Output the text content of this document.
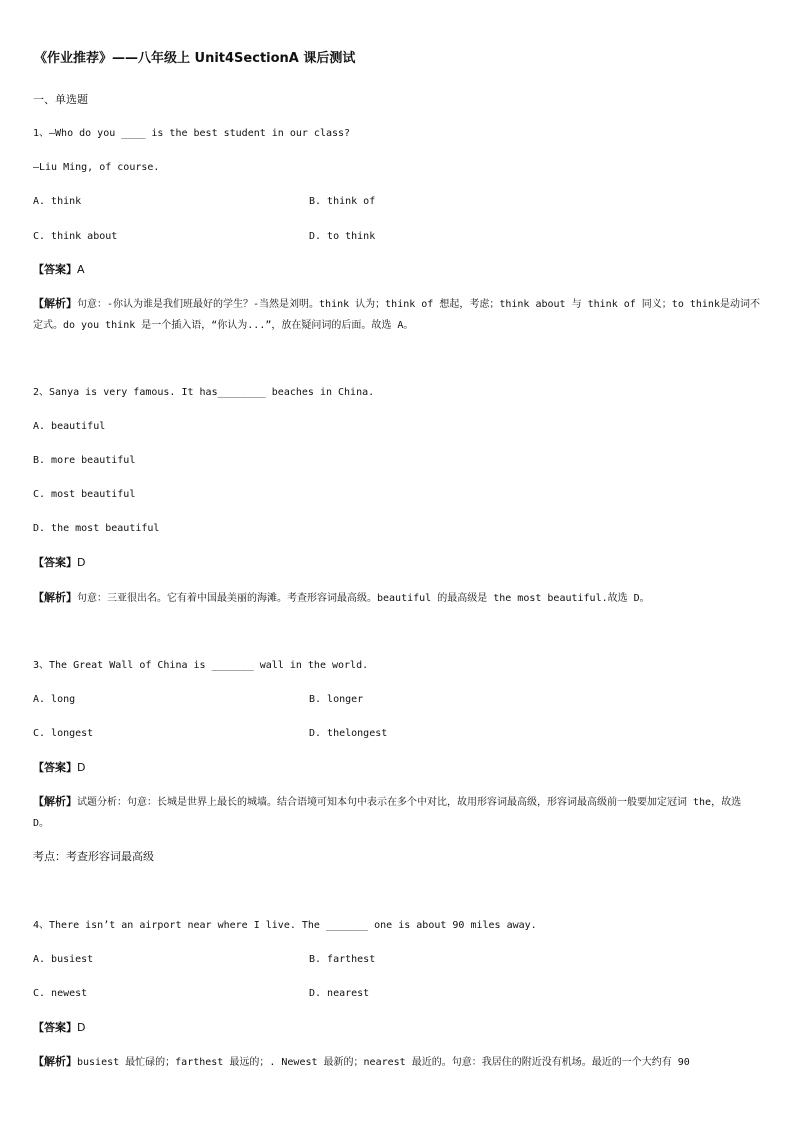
《作业推荐》——八年级上 Unit4SectionA 课后测试
一、单选题
1、—Who do you ____ is the best student in our class?
—Liu Ming, of course.
A. think	B. think of
C. think about	D. to think
【答案】A
【解析】句意：-你认为谁是我们班最好的学生？-当然是刘明。think 认为；think of 想起，考虑；think about 与 think of 同义；to think是动词不定式。do you think 是一个插入语，“你认为...”，放在疑问词的后面。故选 A。
2、Sanya is very famous. It has________ beaches in China.
A. beautiful
B. more beautiful
C. most beautiful
D. the most beautiful
【答案】D
【解析】句意：三亚很出名。它有着中国最美丽的海滩。考查形容词最高级。beautiful 的最高级是 the most beautiful.故选 D。
3、The Great Wall of China is _______ wall in the world.
A. long	B. longer
C. longest	D. thelongest
【答案】D
【解析】试题分析：句意：长城是世界上最长的城墙。结合语境可知本句中表示在多个中对比，故用形容词最高级，形容词最高级前一般要加定冠词 the，故选 D。
考点：考查形容词最高级
4、There isn’t an airport near where I live. The _______ one is about 90 miles away.
A. busiest	B. farthest
C. newest	D. nearest
【答案】D
【解析】busiest 最忙碌的；farthest 最远的；. Newest 最新的；nearest 最近的。句意：我居住的附近没有机场。最近的一个大约有 90
